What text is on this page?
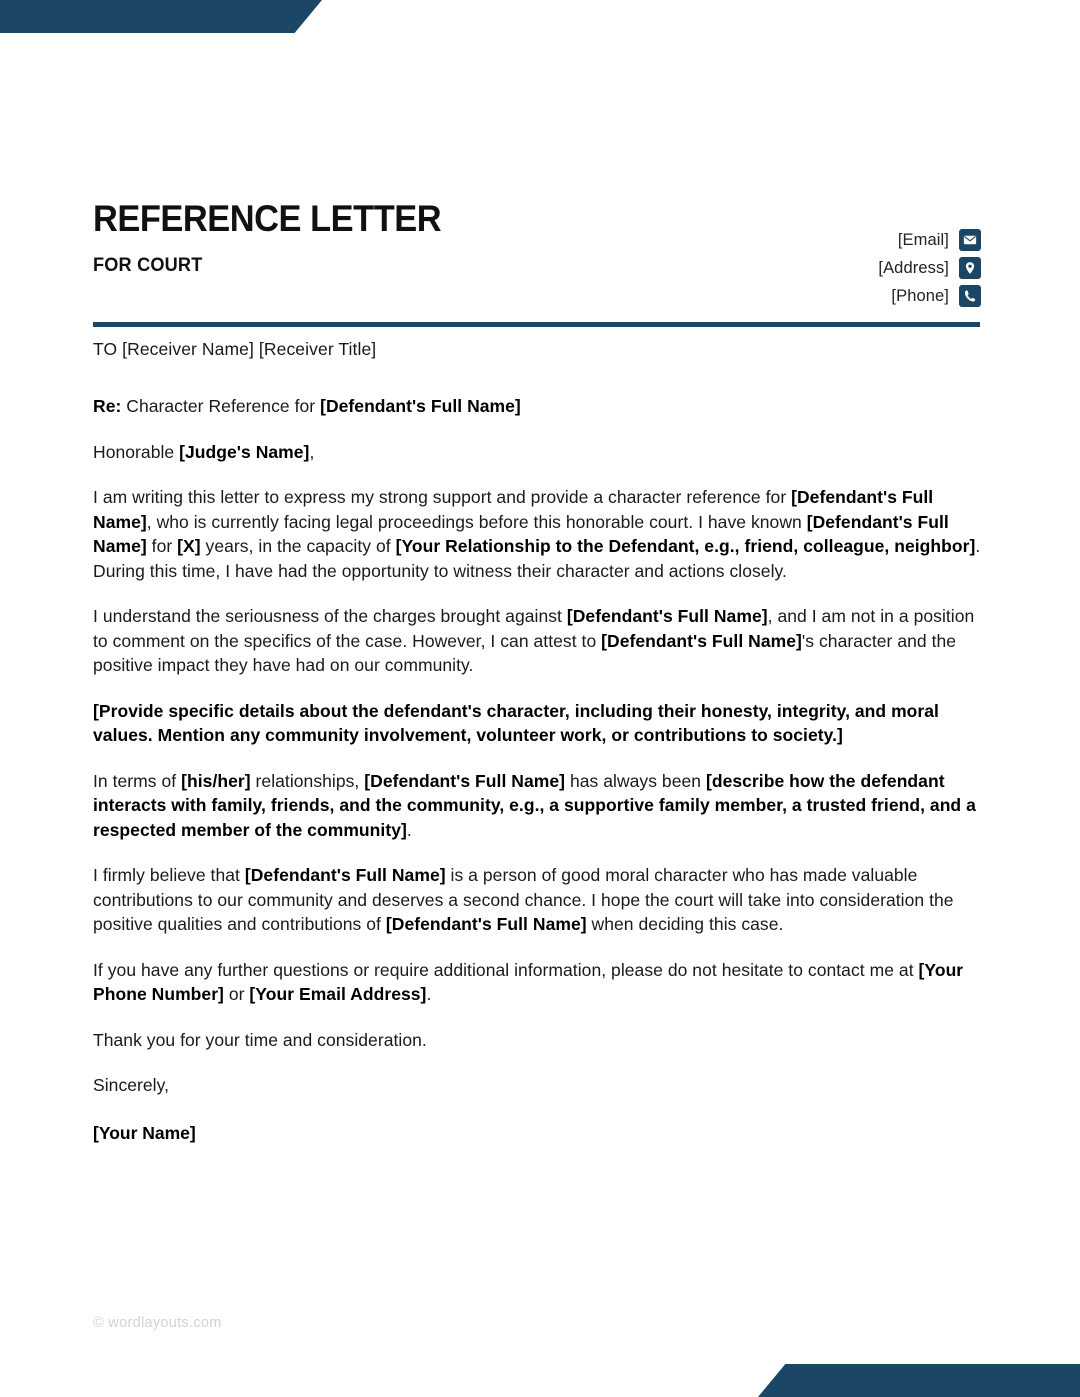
REFERENCE LETTER
FOR COURT
[Email]
[Address]
[Phone]
TO [Receiver Name] [Receiver Title]

Re: Character Reference for [Defendant's Full Name]

Honorable [Judge's Name],

I am writing this letter to express my strong support and provide a character reference for [Defendant's Full Name], who is currently facing legal proceedings before this honorable court. I have known [Defendant's Full Name] for [X] years, in the capacity of [Your Relationship to the Defendant, e.g., friend, colleague, neighbor]. During this time, I have had the opportunity to witness their character and actions closely.

I understand the seriousness of the charges brought against [Defendant's Full Name], and I am not in a position to comment on the specifics of the case. However, I can attest to [Defendant's Full Name]'s character and the positive impact they have had on our community.

[Provide specific details about the defendant's character, including their honesty, integrity, and moral values. Mention any community involvement, volunteer work, or contributions to society.]

In terms of [his/her] relationships, [Defendant's Full Name] has always been [describe how the defendant interacts with family, friends, and the community, e.g., a supportive family member, a trusted friend, and a respected member of the community].

I firmly believe that [Defendant's Full Name] is a person of good moral character who has made valuable contributions to our community and deserves a second chance. I hope the court will take into consideration the positive qualities and contributions of [Defendant's Full Name] when deciding this case.

If you have any further questions or require additional information, please do not hesitate to contact me at [Your Phone Number] or [Your Email Address].

Thank you for your time and consideration.

Sincerely,

[Your Name]
© wordlayouts.com
